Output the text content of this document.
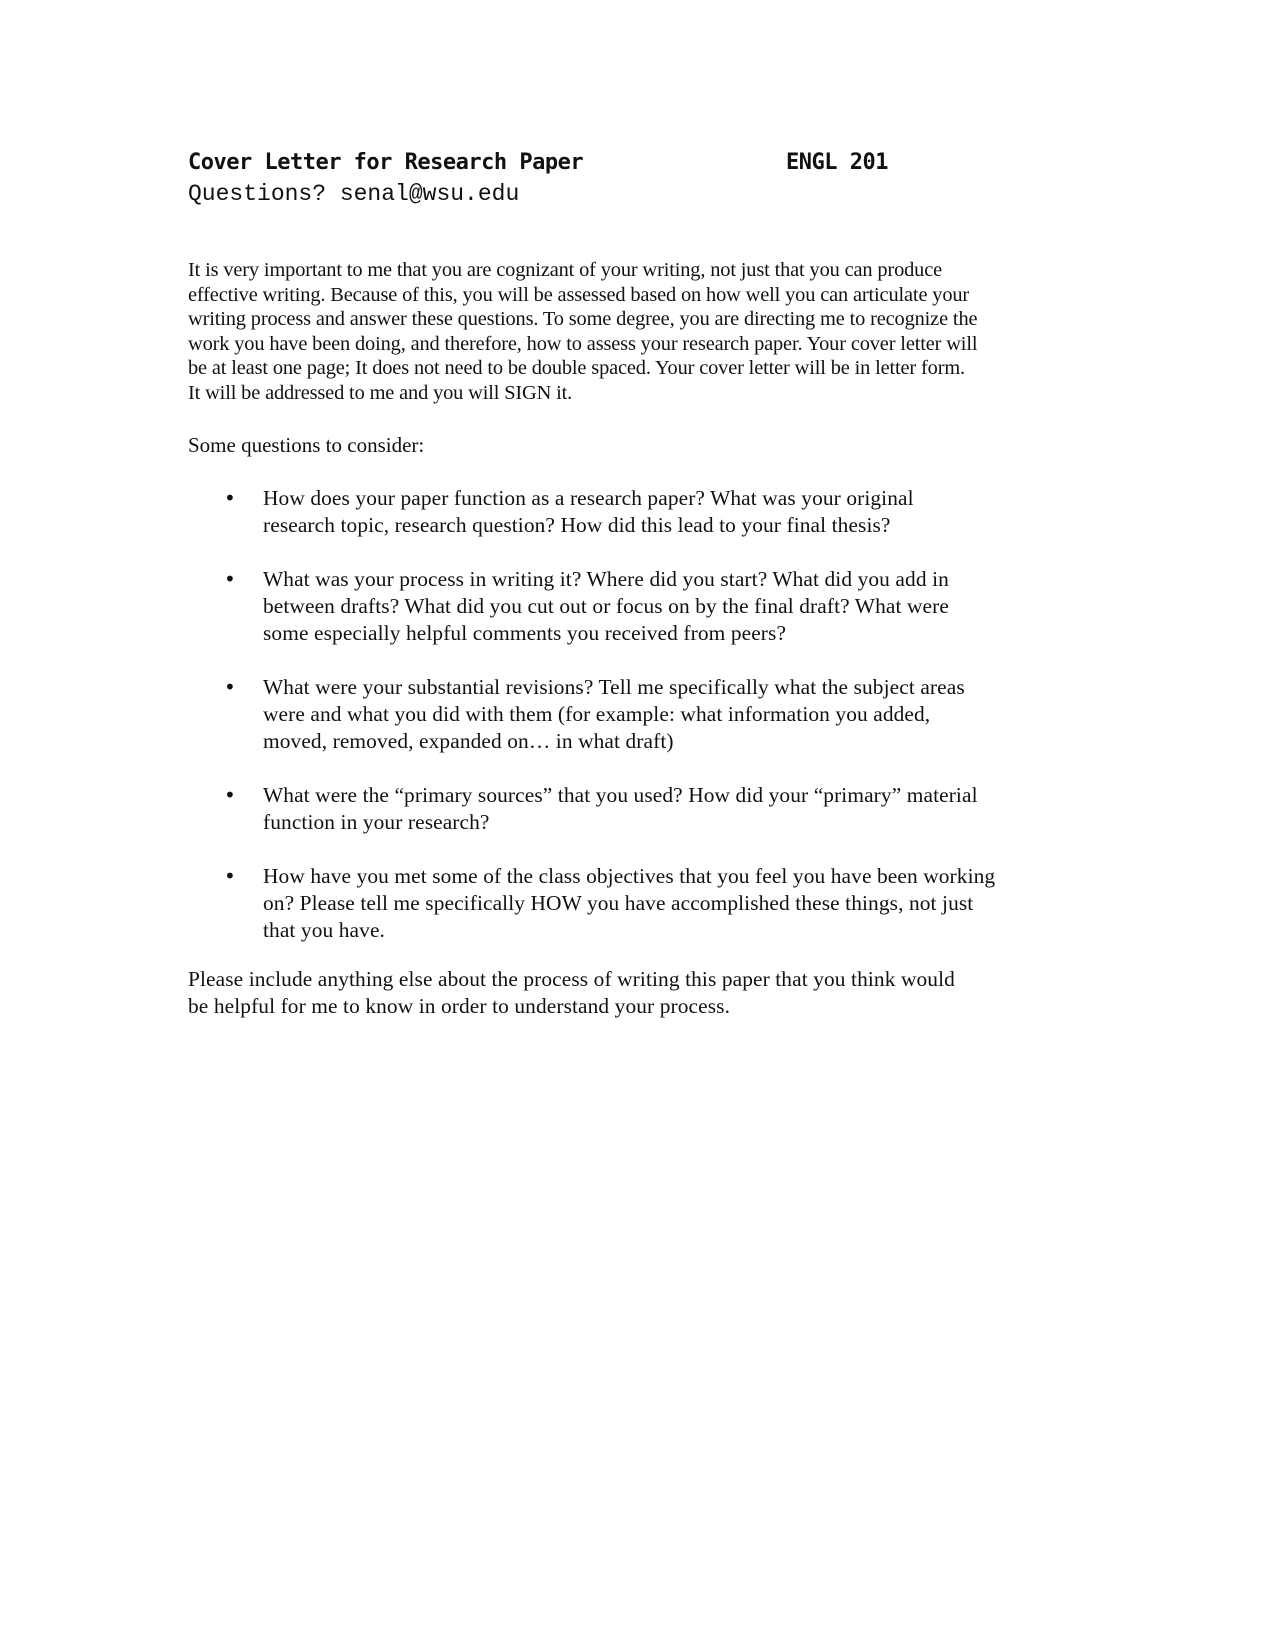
Cover Letter for Research Paper	ENGL 201
Questions? senal@wsu.edu

It is very important to me that you are cognizant of your writing, not just that you can produce
effective writing. Because of this, you will be assessed based on how well you can articulate your
writing process and answer these questions. To some degree, you are directing me to recognize the
work you have been doing, and therefore, how to assess your research paper. Your cover letter will
be at least one page; It does not need to be double spaced. Your cover letter will be in letter form.
It will be addressed to me and you will SIGN it.

Some questions to consider:

• How does your paper function as a research paper? What was your original
research topic, research question? How did this lead to your final thesis?
• What was your process in writing it? Where did you start? What did you add in
between drafts? What did you cut out or focus on by the final draft? What were
some especially helpful comments you received from peers?
• What were your substantial revisions? Tell me specifically what the subject areas
were and what you did with them (for example: what information you added,
moved, removed, expanded on… in what draft)
• What were the “primary sources” that you used? How did your “primary” material
function in your research?
• How have you met some of the class objectives that you feel you have been working
on? Please tell me specifically HOW you have accomplished these things, not just
that you have.

Please include anything else about the process of writing this paper that you think would
be helpful for me to know in order to understand your process.
